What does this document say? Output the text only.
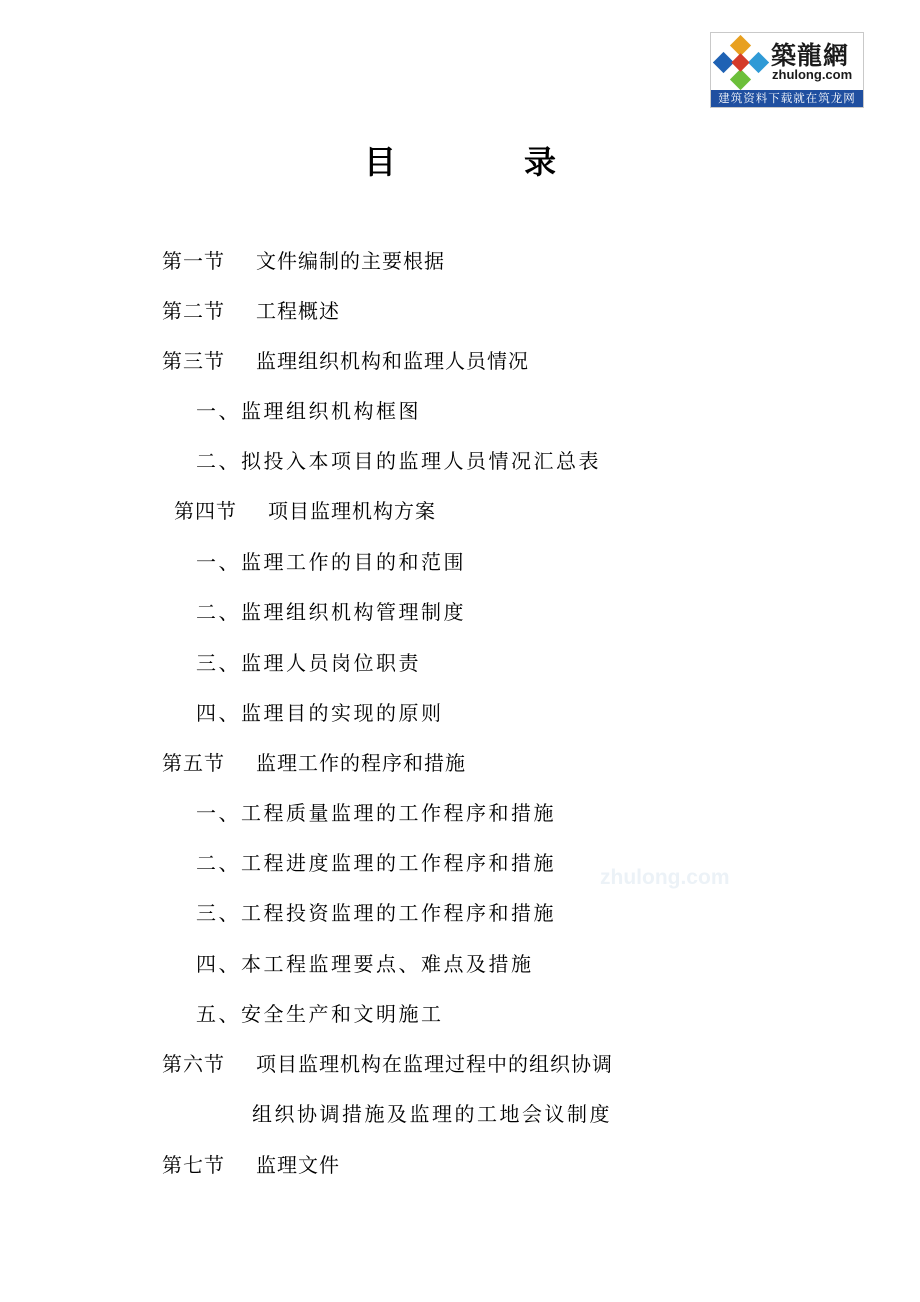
築龍網
zhulong.com
建筑资料下载就在筑龙网
zhulong.com
目	录
第一节 文件编制的主要根据
第二节 工程概述
第三节 监理组织机构和监理人员情况
一、监理组织机构框图
二、拟投入本项目的监理人员情况汇总表
第四节 项目监理机构方案
一、监理工作的目的和范围
二、监理组织机构管理制度
三、监理人员岗位职责
四、监理目的实现的原则
第五节 监理工作的程序和措施
一、工程质量监理的工作程序和措施
二、工程进度监理的工作程序和措施
三、工程投资监理的工作程序和措施
四、本工程监理要点、难点及措施
五、安全生产和文明施工
第六节 项目监理机构在监理过程中的组织协调
组织协调措施及监理的工地会议制度
第七节 监理文件
